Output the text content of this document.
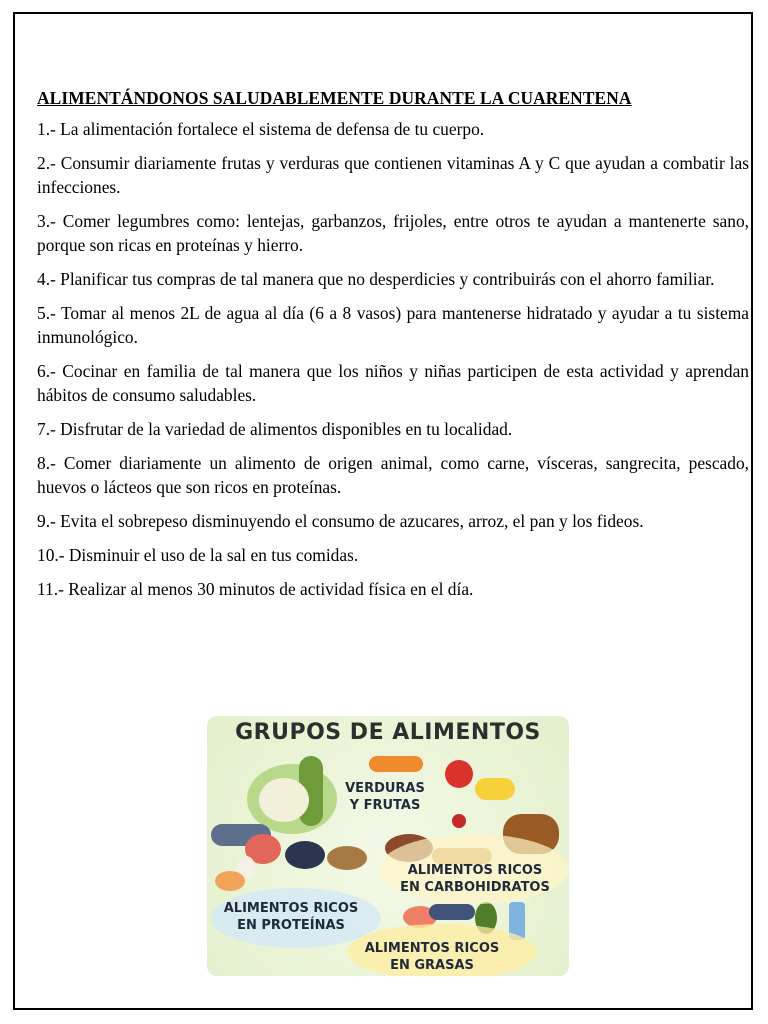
ALIMENTÁNDONOS SALUDABLEMENTE DURANTE LA CUARENTENA

1.- La alimentación fortalece el sistema de defensa de tu cuerpo.

2.- Consumir diariamente frutas y verduras que contienen vitaminas A y C que ayudan a combatir las infecciones.

3.- Comer legumbres como: lentejas, garbanzos, frijoles, entre otros te ayudan a mantenerte sano, porque son ricas en proteínas y hierro.

4.- Planificar tus compras de tal manera que no desperdicies y contribuirás con el ahorro familiar.

5.- Tomar al menos 2L de agua al día (6 a 8 vasos) para mantenerse hidratado y ayudar a tu sistema inmunológico.

6.- Cocinar en familia de tal manera que los niños y niñas participen de esta actividad y aprendan hábitos de consumo saludables.

7.- Disfrutar de la variedad de alimentos disponibles en tu localidad.

8.- Comer diariamente un alimento de origen animal, como carne, vísceras, sangrecita, pescado, huevos o lácteos que son ricos en proteínas.

9.- Evita el sobrepeso disminuyendo el consumo de azucares, arroz, el pan y los fideos.

10.- Disminuir el uso de la sal en tus comidas.

11.- Realizar al menos 30 minutos de actividad física en el día.

GRUPOS DE ALIMENTOS
VERDURAS
Y FRUTAS
ALIMENTOS RICOS
EN CARBOHIDRATOS
ALIMENTOS RICOS
EN PROTEÍNAS
ALIMENTOS RICOS
EN GRASAS
